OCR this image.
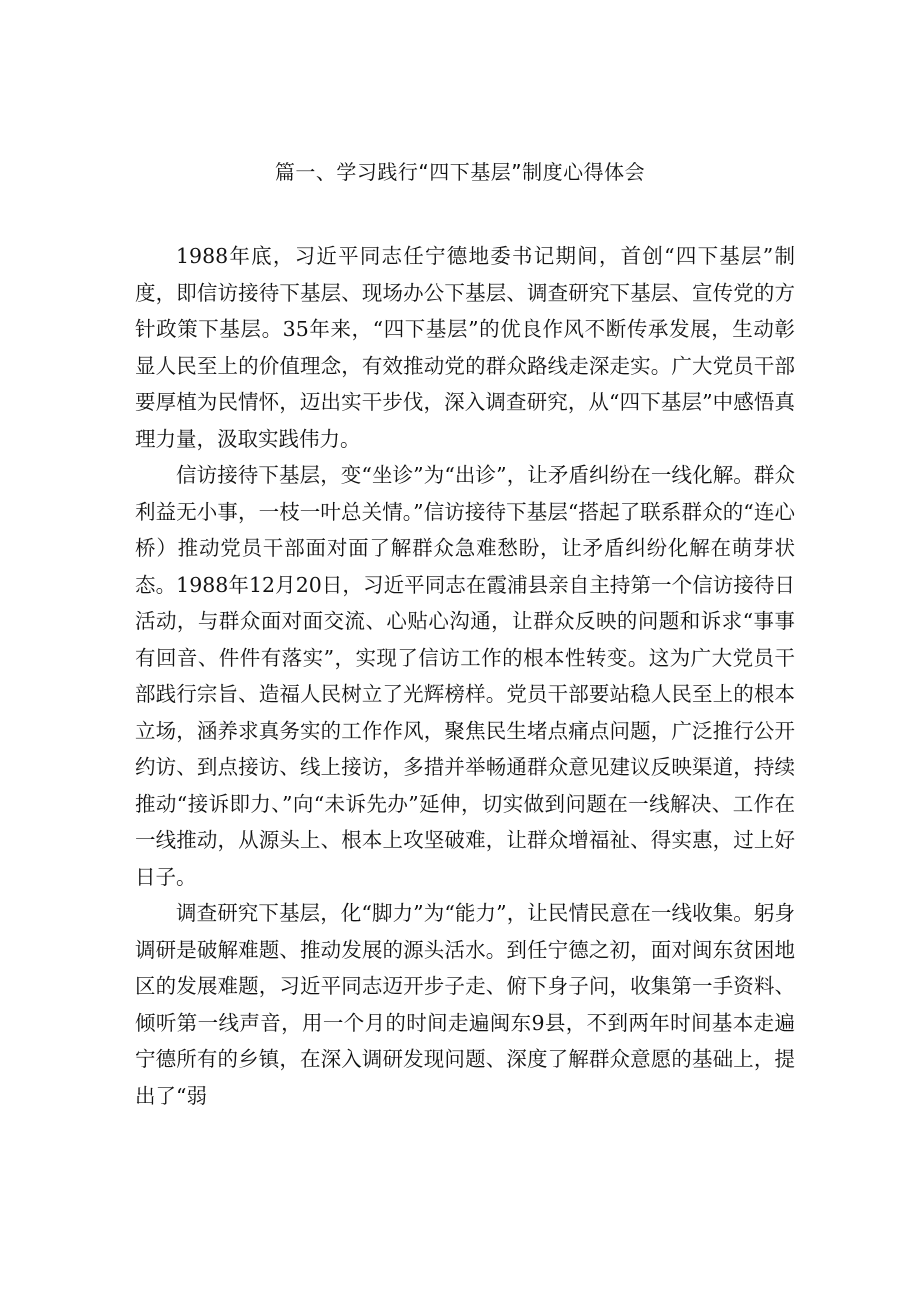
篇一、学习践行“四下基层”制度心得体会

1988年底，习近平同志任宁德地委书记期间，首创“四下基层”制度，即信访接待下基层、现场办公下基层、调查研究下基层、宣传党的方针政策下基层。35年来，“四下基层”的优良作风不断传承发展，生动彰显人民至上的价值理念，有效推动党的群众路线走深走实。广大党员干部要厚植为民情怀，迈出实干步伐，深入调查研究，从“四下基层”中感悟真理力量，汲取实践伟力。

信访接待下基层，变“坐诊”为“出诊”，让矛盾纠纷在一线化解。群众利益无小事，一枝一叶总关情。”信访接待下基层“搭起了联系群众的“连心桥）推动党员干部面对面了解群众急难愁盼，让矛盾纠纷化解在萌芽状态。1988年12月20日，习近平同志在霞浦县亲自主持第一个信访接待日活动，与群众面对面交流、心贴心沟通，让群众反映的问题和诉求“事事有回音、件件有落实”，实现了信访工作的根本性转变。这为广大党员干部践行宗旨、造福人民树立了光辉榜样。党员干部要站稳人民至上的根本立场，涵养求真务实的工作作风，聚焦民生堵点痛点问题，广泛推行公开约访、到点接访、线上接访，多措并举畅通群众意见建议反映渠道，持续推动“接诉即力、”向“未诉先办”延伸，切实做到问题在一线解决、工作在一线推动，从源头上、根本上攻坚破难，让群众增福祉、得实惠，过上好日子。

调查研究下基层，化“脚力”为“能力”，让民情民意在一线收集。躬身调研是破解难题、推动发展的源头活水。到任宁德之初，面对闽东贫困地区的发展难题，习近平同志迈开步子走、俯下身子问，收集第一手资料、倾听第一线声音，用一个月的时间走遍闽东9县，不到两年时间基本走遍宁德所有的乡镇，在深入调研发现问题、深度了解群众意愿的基础上，提出了“弱
